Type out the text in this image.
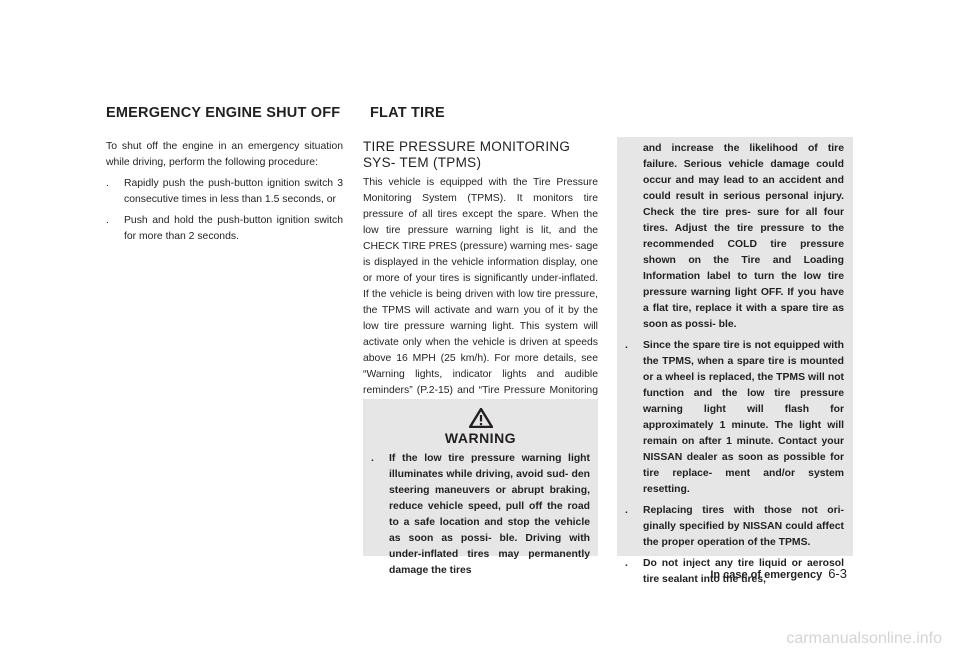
EMERGENCY ENGINE SHUT OFF FLAT TIRE

To shut off the engine in an emergency situation while driving, perform the following procedure:

. Rapidly push the push-button ignition switch 3 consecutive times in less than 1.5 seconds, or
. Push and hold the push-button ignition switch for more than 2 seconds.
TIRE PRESSURE MONITORING SYS- TEM (TPMS)

This vehicle is equipped with the Tire Pressure Monitoring System (TPMS). It monitors tire pressure of all tires except the spare. When the low tire pressure warning light is lit, and the CHECK TIRE PRES (pressure) warning mes- sage is displayed in the vehicle information display, one or more of your tires is significantly under-inflated. If the vehicle is being driven with low tire pressure, the TPMS will activate and warn you of it by the low tire pressure warning light. This system will activate only when the vehicle is driven at speeds above 16 MPH (25 km/h). For more details, see “Warning lights, indicator lights and audible reminders” (P.2-15) and “Tire Pressure Monitoring

WARNING
. If the low tire pressure warning light illuminates while driving, avoid sud- den steering maneuvers or abrupt braking, reduce vehicle speed, pull off the road to a safe location and stop the vehicle as soon as possi- ble. Driving with under-inflated tires may permanently damage the tires
and increase the likelihood of tire failure. Serious vehicle damage could occur and may lead to an accident and could result in serious personal injury. Check the tire pres- sure for all four tires. Adjust the tire pressure to the recommended COLD tire pressure shown on the Tire and Loading Information label to turn the low tire pressure warning light OFF. If you have a flat tire, replace it with a spare tire as soon as possi- ble.
. Since the spare tire is not equipped with the TPMS, when a spare tire is mounted or a wheel is replaced, the TPMS will not function and the low tire pressure warning light will flash for approximately 1 minute. The light will remain on after 1 minute. Contact your NISSAN dealer as soon as possible for tire replace- ment and/or system resetting.
. Replacing tires with those not ori- ginally specified by NISSAN could affect the proper operation of the TPMS.
. Do not inject any tire liquid or aerosol tire sealant into the tires,
In case of emergency 6-3
carmanualsonline.info
